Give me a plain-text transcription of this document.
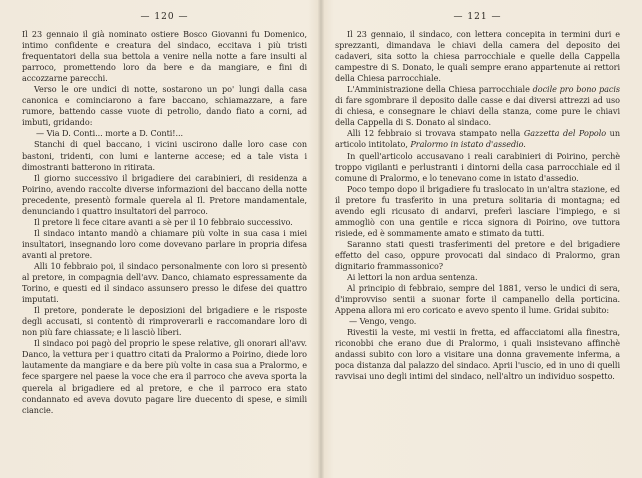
— 120 —

Il 23 gennaio il già nominato ostiere Bosco Giovanni fu Domenico, intimo confidente e creatura del sindaco, eccitava i più tristi frequentatori della sua bettola a venire nella notte a fare insulti al parroco, promettendo loro da bere e da mangiare, e fini di accozzarne parecchi.

Verso le ore undici di notte, sostarono un po' lungi dalla casa canonica e cominciarono a fare baccano, schiamazzare, a fare rumore, battendo casse vuote di petrolio, dando fiato a corni, ad imbuti, gridando:

— Via D. Conti... morte a D. Conti!...

Stanchi di quel baccano, i vicini uscirono dalle loro case con bastoni, tridenti, con lumi e lanterne accese; ed a tale vista i dimostranti batterono in ritirata.

Il giorno successivo il brigadiere dei carabinieri, di residenza a Poirino, avendo raccolte diverse informazioni del baccano della notte precedente, presentò formale querela al Il. Pretore mandamentale, denunciando i quattro insultatori del parroco.

Il pretore li fece citare avanti a sè per il 10 febbraio successivo.

Il sindaco intanto mandò a chiamare più volte in sua casa i miei insultatori, insegnando loro come dovevano parlare in propria difesa avanti al pretore.

Alli 10 febbraio poi, il sindaco personalmente con loro si presentò al pretore, in compagnia dell'avv. Danco, chiamato espressamente da Torino, e questi ed il sindaco assunsero presso le difese dei quattro imputati.

Il pretore, ponderate le deposizioni del brigadiere e le risposte degli accusati, si contentò di rimproverarli e raccomandare loro di non più fare chiassate; e li lasciò liberi.

Il sindaco poi pagò del proprio le spese relative, gli onorari all'avv. Danco, la vettura per i quattro citati da Pralormo a Poirino, diede loro lautamente da mangiare e da bere più volte in casa sua a Pralormo, e fece spargere nel paese la voce che era il parroco che aveva sporta la querela al brigadiere ed al pretore, e che il parroco era stato condannato ed aveva dovuto pagare lire duecento di spese, e simili ciancie.

— 121 —

Il 23 gennaio, il sindaco, con lettera concepita in termini duri e sprezzanti, dimandava le chiavi della camera del deposito dei cadaveri, sita sotto la chiesa parrocchiale e quelle della Cappella campestre di S. Donato, le quali sempre erano appartenute ai rettori della Chiesa parrocchiale.

L'Amministrazione della Chiesa parrocchiale docile pro bono pacis di fare sgombrare il deposito dalle casse e dai diversi attrezzi ad uso di chiesa, e consegnare le chiavi della stanza, come pure le chiavi della Cappella di S. Donato al sindaco.

Alli 12 febbraio si trovava stampato nella Gazzetta del Popolo un articolo intitolato, Pralormo in istato d'assedio.

In quell'articolo accusavano i reali carabinieri di Poirino, perchè troppo vigilanti e perlustranti i dintorni della casa parrocchiale ed il comune di Pralormo, e lo tenevano come in istato d'assedio.

Poco tempo dopo il brigadiere fu traslocato in un'altra stazione, ed il pretore fu trasferito in una pretura solitaria di montagna; ed avendo egli ricusato di andarvi, preferì lasciare l'impiego, e si ammogliò con una gentile e ricca signora di Poirino, ove tuttora risiede, ed è sommamente amato e stimato da tutti.

Saranno stati questi trasferimenti del pretore e del brigadiere effetto del caso, oppure provocati dal sindaco di Pralormo, gran dignitario frammassonico?

Ai lettori la non ardua sentenza.

Al principio di febbraio, sempre del 1881, verso le undici di sera, d'improvviso sentii a suonar forte il campanello della porticina. Appena allora mi ero coricato e avevo spento il lume. Gridai subito:

— Vengo, vengo.

Rivestii la veste, mi vestii in fretta, ed affacciatomi alla finestra, riconobbi che erano due di Pralormo, i quali insistevano affinchè andassi subito con loro a visitare una donna gravemente inferma, a poca distanza dal palazzo del sindaco. Aprii l'uscio, ed in uno di quelli ravvisai uno degli intimi del sindaco, nell'altro un individuo sospetto.
